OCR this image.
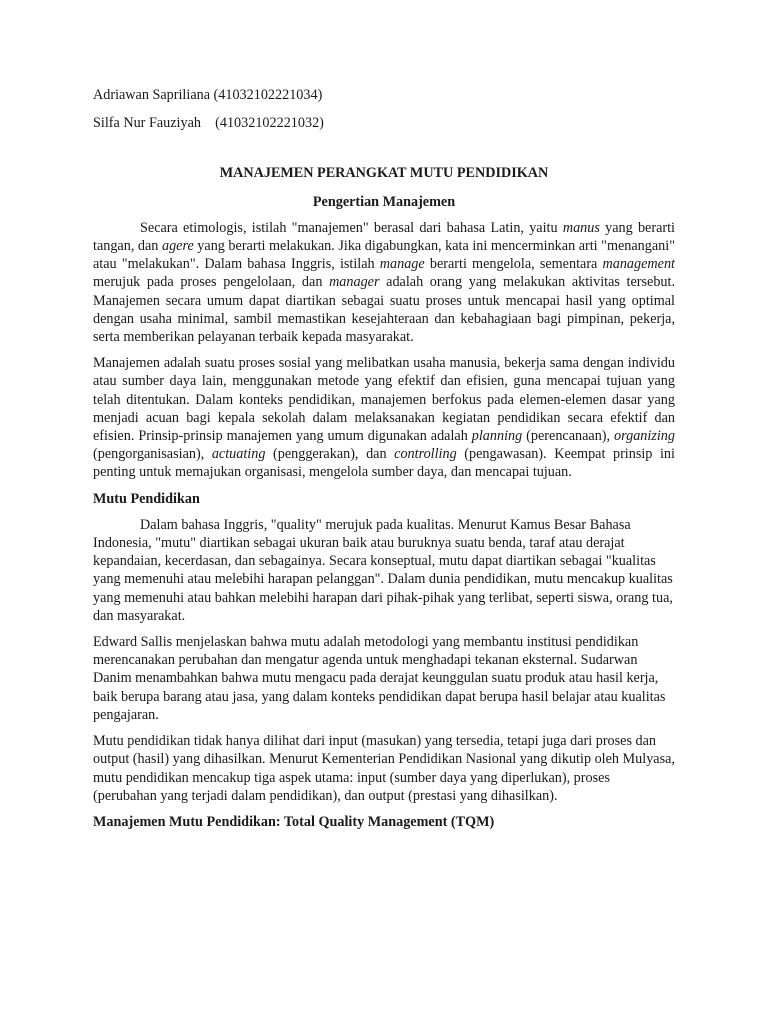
Adriawan Sapriliana (41032102221034)
Silfa Nur Fauziyah    (41032102221032)
MANAJEMEN PERANGKAT MUTU PENDIDIKAN
Pengertian Manajemen

Secara etimologis, istilah "manajemen" berasal dari bahasa Latin, yaitu manus yang berarti tangan, dan agere yang berarti melakukan. Jika digabungkan, kata ini mencerminkan arti "menangani" atau "melakukan". Dalam bahasa Inggris, istilah manage berarti mengelola, sementara management merujuk pada proses pengelolaan, dan manager adalah orang yang melakukan aktivitas tersebut. Manajemen secara umum dapat diartikan sebagai suatu proses untuk mencapai hasil yang optimal dengan usaha minimal, sambil memastikan kesejahteraan dan kebahagiaan bagi pimpinan, pekerja, serta memberikan pelayanan terbaik kepada masyarakat.

Manajemen adalah suatu proses sosial yang melibatkan usaha manusia, bekerja sama dengan individu atau sumber daya lain, menggunakan metode yang efektif dan efisien, guna mencapai tujuan yang telah ditentukan. Dalam konteks pendidikan, manajemen berfokus pada elemen-elemen dasar yang menjadi acuan bagi kepala sekolah dalam melaksanakan kegiatan pendidikan secara efektif dan efisien. Prinsip-prinsip manajemen yang umum digunakan adalah planning (perencanaan), organizing (pengorganisasian), actuating (penggerakan), dan controlling (pengawasan). Keempat prinsip ini penting untuk memajukan organisasi, mengelola sumber daya, dan mencapai tujuan.

Mutu Pendidikan

Dalam bahasa Inggris, "quality" merujuk pada kualitas. Menurut Kamus Besar Bahasa Indonesia, "mutu" diartikan sebagai ukuran baik atau buruknya suatu benda, taraf atau derajat kepandaian, kecerdasan, dan sebagainya. Secara konseptual, mutu dapat diartikan sebagai "kualitas yang memenuhi atau melebihi harapan pelanggan". Dalam dunia pendidikan, mutu mencakup kualitas yang memenuhi atau bahkan melebihi harapan dari pihak-pihak yang terlibat, seperti siswa, orang tua, dan masyarakat.

Edward Sallis menjelaskan bahwa mutu adalah metodologi yang membantu institusi pendidikan merencanakan perubahan dan mengatur agenda untuk menghadapi tekanan eksternal. Sudarwan Danim menambahkan bahwa mutu mengacu pada derajat keunggulan suatu produk atau hasil kerja, baik berupa barang atau jasa, yang dalam konteks pendidikan dapat berupa hasil belajar atau kualitas pengajaran.

Mutu pendidikan tidak hanya dilihat dari input (masukan) yang tersedia, tetapi juga dari proses dan output (hasil) yang dihasilkan. Menurut Kementerian Pendidikan Nasional yang dikutip oleh Mulyasa, mutu pendidikan mencakup tiga aspek utama: input (sumber daya yang diperlukan), proses (perubahan yang terjadi dalam pendidikan), dan output (prestasi yang dihasilkan).

Manajemen Mutu Pendidikan: Total Quality Management (TQM)
